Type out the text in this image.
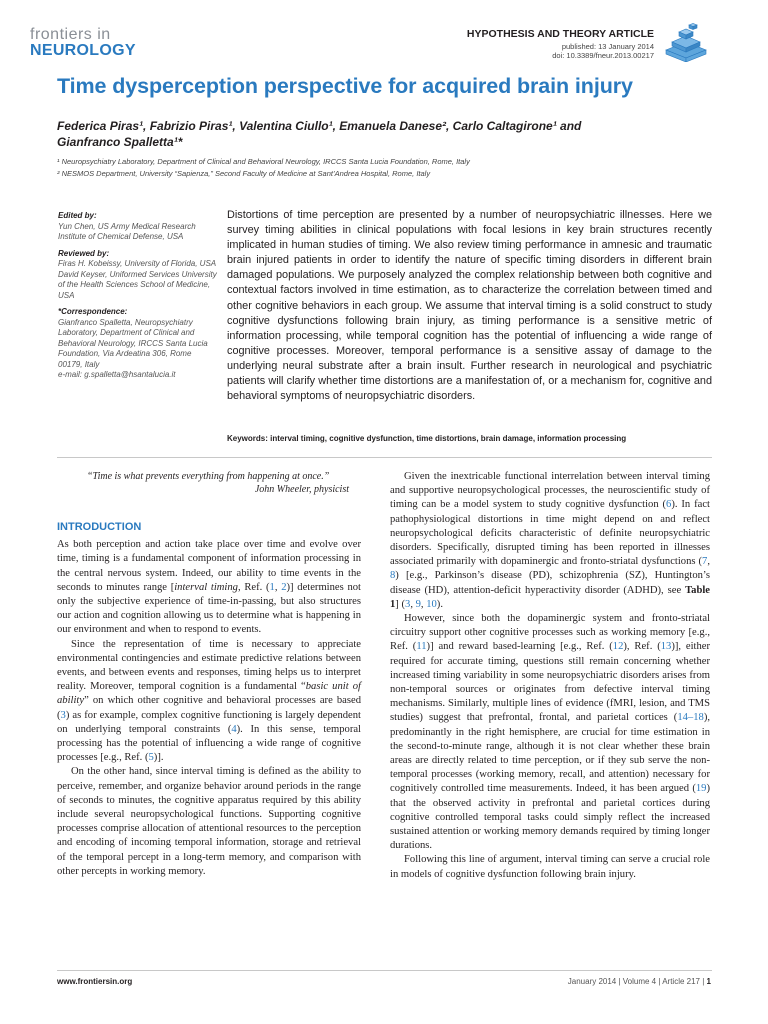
frontiers in
NEUROLOGY
HYPOTHESIS AND THEORY ARTICLE
published: 13 January 2014
doi: 10.3389/fneur.2013.00217
Time dysperception perspective for acquired brain injury
Federica Piras¹, Fabrizio Piras¹, Valentina Ciullo¹, Emanuela Danese², Carlo Caltagirone¹ and
Gianfranco Spalletta¹*
¹ Neuropsychiatry Laboratory, Department of Clinical and Behavioral Neurology, IRCCS Santa Lucia Foundation, Rome, Italy
² NESMOS Department, University “Sapienza,” Second Faculty of Medicine at Sant’Andrea Hospital, Rome, Italy
Edited by:

Yun Chen, US Army Medical Research Institute of Chemical Defense, USA

Reviewed by:

Firas H. Kobeissy, University of Florida, USA

David Keyser, Uniformed Services University of the Health Sciences School of Medicine, USA

*Correspondence:

Gianfranco Spalletta, Neuropsychiatry Laboratory, Department of Clinical and Behavioral Neurology, IRCCS Santa Lucia Foundation, Via Ardeatina 306, Rome 00179, Italy

e-mail: g.spalletta@hsantalucia.it

Distortions of time perception are presented by a number of neuropsychiatric illnesses. Here we survey timing abilities in clinical populations with focal lesions in key brain structures recently implicated in human studies of timing. We also review timing performance in amnesic and traumatic brain injured patients in order to identify the nature of specific timing disorders in different brain damaged populations. We purposely analyzed the complex relationship between both cognitive and contextual factors involved in time estimation, as to characterize the correlation between timed and other cognitive behaviors in each group. We assume that interval timing is a solid construct to study cognitive dysfunctions following brain injury, as timing performance is a sensitive metric of information processing, while temporal cognition has the potential of influencing a wide range of cognitive processes. Moreover, temporal performance is a sensitive assay of damage to the underlying neural substrate after a brain insult. Further research in neurological and psychiatric patients will clarify whether time distortions are a manifestation of, or a mechanism for, cognitive and behavioral symptoms of neuropsychiatric disorders.
Keywords: interval timing, cognitive dysfunction, time distortions, brain damage, information processing

“Time is what prevents everything from happening at once.”

John Wheeler, physicist

INTRODUCTION

As both perception and action take place over time and evolve over time, timing is a fundamental component of information processing in the central nervous system. Indeed, our ability to time events in the seconds to minutes range [interval timing, Ref. (1, 2)] determines not only the subjective experience of time-in-passing, but also structures our action and cognition allowing us to determine what is happening in our environment and when to respond to events.

Since the representation of time is necessary to appreciate environmental contingencies and estimate predictive relations between events, and between events and responses, timing helps us to interpret reality. Moreover, temporal cognition is a fundamental “basic unit of ability” on which other cognitive and behavioral processes are based (3) as for example, complex cognitive functioning is largely dependent on underlying temporal constraints (4). In this sense, temporal processing has the potential of influencing a wide range of cognitive processes [e.g., Ref. (5)].

On the other hand, since interval timing is defined as the ability to perceive, remember, and organize behavior around periods in the range of seconds to minutes, the cognitive apparatus required by this ability include several neuropsychological functions. Supporting cognitive processes comprise allocation of attentional resources to the perception and encoding of incoming temporal information, storage and retrieval of the temporal percept in a long-term memory, and comparison with other percepts in working memory.

Given the inextricable functional interrelation between interval timing and supportive neuropsychological processes, the neuroscientific study of timing can be a model system to study cognitive dysfunction (6). In fact pathophysiological distortions in time might depend on and reflect neuropsychological deficits characteristic of definite neuropsychiatric disorders. Specifically, disrupted timing has been reported in illnesses associated primarily with dopaminergic and fronto-striatal dysfunctions (7, 8) [e.g., Parkinson’s disease (PD), schizophrenia (SZ), Huntington’s disease (HD), attention-deficit hyperactivity disorder (ADHD), see Table 1] (3, 9, 10).

However, since both the dopaminergic system and fronto-striatal circuitry support other cognitive processes such as working memory [e.g., Ref. (11)] and reward based-learning [e.g., Ref. (12), Ref. (13)], either required for accurate timing, questions still remain concerning whether increased timing variability in some neuropsychiatric disorders arises from non-temporal sources or originates from defective interval timing mechanisms. Similarly, multiple lines of evidence (fMRI, lesion, and TMS studies) suggest that prefrontal, frontal, and parietal cortices (14–18), predominantly in the right hemisphere, are crucial for time estimation in the second-to-minute range, although it is not clear whether these brain areas are directly related to time perception, or if they sub serve the non-temporal processes (working memory, recall, and attention) necessary for cognitively controlled time measurements. Indeed, it has been argued (19) that the observed activity in prefrontal and parietal cortices during cognitive controlled temporal tasks could simply reflect the increased sustained attention or working memory demands required by timing longer durations.

Following this line of argument, interval timing can serve a crucial role in models of cognitive dysfunction following brain injury.

www.frontiersin.org	January 2014 | Volume 4 | Article 217 | 1
